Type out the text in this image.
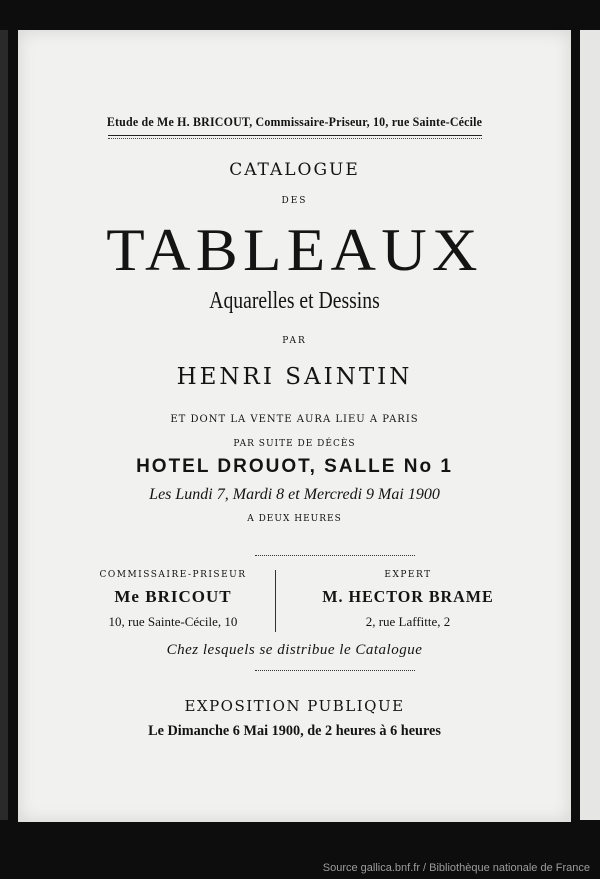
Etude de Me H. BRICOUT, Commissaire-Priseur, 10, rue Sainte-Cécile
CATALOGUE
DES
TABLEAUX
Aquarelles et Dessins
PAR
HENRI SAINTIN
ET DONT LA VENTE AURA LIEU A PARIS
PAR SUITE DE DÉCÈS
HOTEL DROUOT, SALLE No 1
Les Lundi 7, Mardi 8 et Mercredi 9 Mai 1900
A DEUX HEURES
COMMISSAIRE-PRISEUR
Me BRICOUT
10, rue Sainte-Cécile, 10
EXPERT
M. HECTOR BRAME
2, rue Laffitte, 2
Chez lesquels se distribue le Catalogue
EXPOSITION PUBLIQUE
Le Dimanche 6 Mai 1900, de 2 heures à 6 heures
Source gallica.bnf.fr / Bibliothèque nationale de France
